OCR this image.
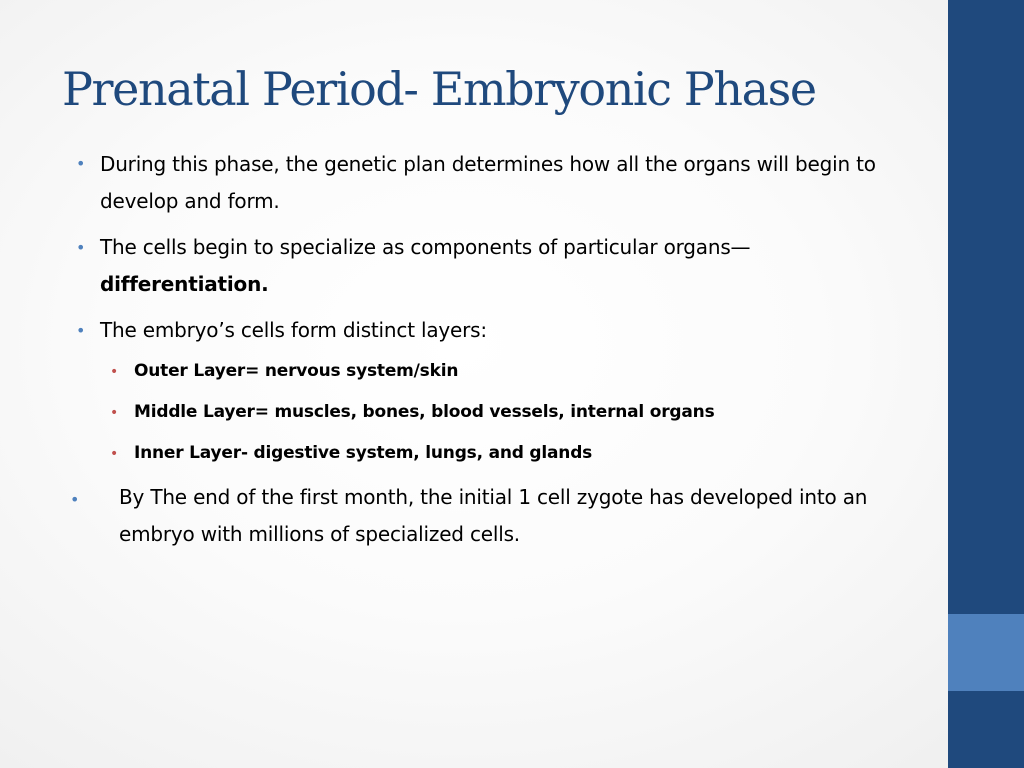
Prenatal Period- Embryonic Phase
• During this phase, the genetic plan determines how all the organs will begin to develop and form.
• The cells begin to specialize as components of particular organs—
differentiation.
• The embryo’s cells form distinct layers:
• Outer Layer= nervous system/skin
• Middle Layer= muscles, bones, blood vessels, internal organs
• Inner Layer- digestive system, lungs, and glands
• By The end of the first month, the initial 1 cell zygote has developed into an embryo with millions of specialized cells.
